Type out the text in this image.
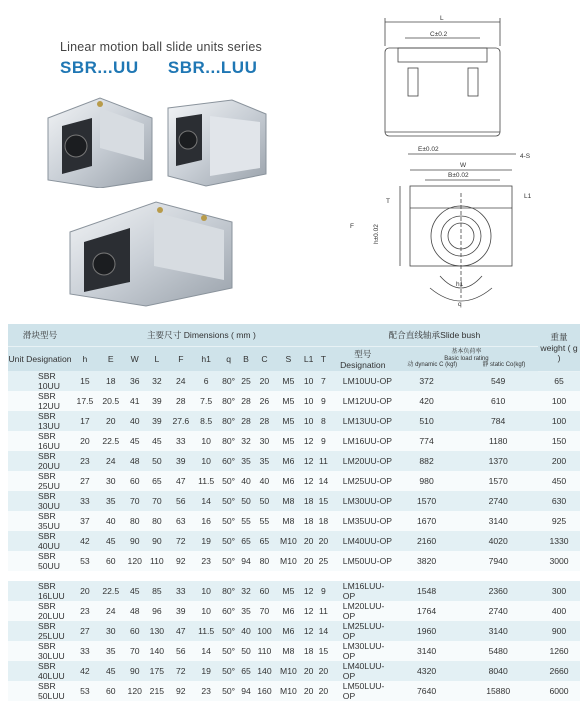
Linear motion ball slide units series
SBR...UU SBR...LUU
L
C±0.2
E±0.02
W
B±0.02
4-S
F	h±0.02
T
L1
h1
q
滑块型号	主要尺寸 Dimensions ( mm )												配合直线轴承Slide bush			重量 weight ( g )
Unit Designation	h	E	W	L	F	h1	q	B	C	S	L1	T	型号 Designation	基本负荷率
Basic load rating
动 dynamic C (kgf) 静 static Co(kgf)		

SBR 10UU	15	18	36	32	24	6	80°	25	20	M5	10	7	LM10UU-OP	372	549	65
SBR 12UU	17.5	20.5	41	39	28	7.5	80°	28	26	M5	10	9	LM12UU-OP	420	610	100
SBR 13UU	17	20	40	39	27.6	8.5	80°	28	28	M5	10	8	LM13UU-OP	510	784	100
SBR 16UU	20	22.5	45	45	33	10	80°	32	30	M5	12	9	LM16UU-OP	774	1180	150
SBR 20UU	23	24	48	50	39	10	60°	35	35	M6	12	11	LM20UU-OP	882	1370	200
SBR 25UU	27	30	60	65	47	11.5	50°	40	40	M6	12	14	LM25UU-OP	980	1570	450
SBR 30UU	33	35	70	70	56	14	50°	50	50	M8	18	15	LM30UU-OP	1570	2740	630
SBR 35UU	37	40	80	80	63	16	50°	55	55	M8	18	18	LM35UU-OP	1670	3140	925
SBR 40UU	42	45	90	90	72	19	50°	65	65	M10	20	20	LM40UU-OP	2160	4020	1330
SBR 50UU	53	60	120	110	92	23	50°	94	80	M10	20	25	LM50UU-OP	3820	7940	3000

SBR 16LUU	20	22.5	45	85	33	10	80°	32	60	M5	12	9	LM16LUU-OP	1548	2360	300
SBR 20LUU	23	24	48	96	39	10	60°	35	70	M6	12	11	LM20LUU-OP	1764	2740	400
SBR 25LUU	27	30	60	130	47	11.5	50°	40	100	M6	12	14	LM25LUU-OP	1960	3140	900
SBR 30LUU	33	35	70	140	56	14	50°	50	110	M8	18	15	LM30LUU-OP	3140	5480	1260
SBR 40LUU	42	45	90	175	72	19	50°	65	140	M10	20	20	LM40LUU-OP	4320	8040	2660
SBR 50LUU	53	60	120	215	92	23	50°	94	160	M10	20	20	LM50LUU-OP	7640	15880	6000
